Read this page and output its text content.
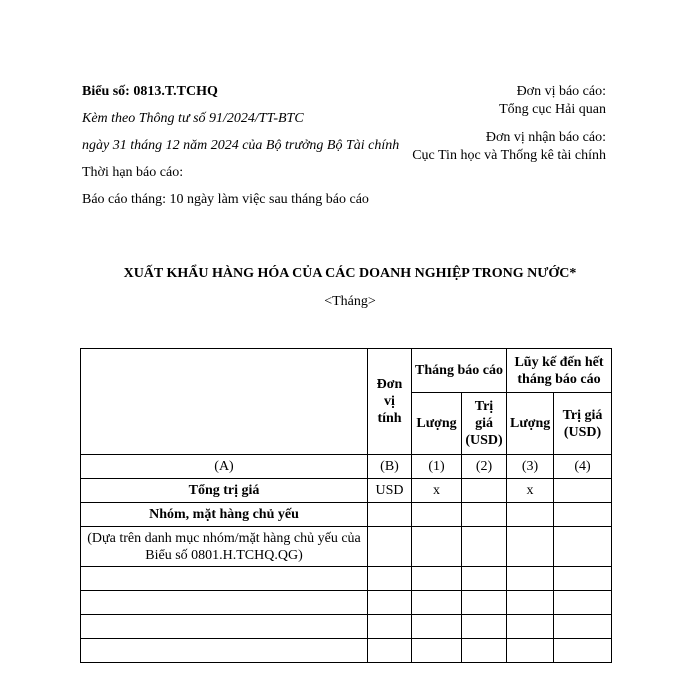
Biểu số: 0813.T.TCHQ
Kèm theo Thông tư số 91/2024/TT-BTC
ngày 31 tháng 12 năm 2024 của Bộ trưởng Bộ Tài chính
Thời hạn báo cáo:
Báo cáo tháng: 10 ngày làm việc sau tháng báo cáo
Đơn vị báo cáo:
Tổng cục Hải quan
Đơn vị nhận báo cáo:
Cục Tin học và Thống kê tài chính
XUẤT KHẨU HÀNG HÓA CỦA CÁC DOANH NGHIỆP TRONG NƯỚC*
<Tháng>
	Đơn vị tính	Tháng báo cáo		Lũy kế đến hết tháng báo cáo	
		Lượng	Trị giá (USD)	Lượng	Trị giá (USD)
(A)	(B)	(1)	(2)	(3)	(4)
Tổng trị giá	USD	x		x	
Nhóm, mặt hàng chủ yếu					
(Dựa trên danh mục nhóm/mặt hàng chủ yếu của Biểu số 0801.H.TCHQ.QG)					
